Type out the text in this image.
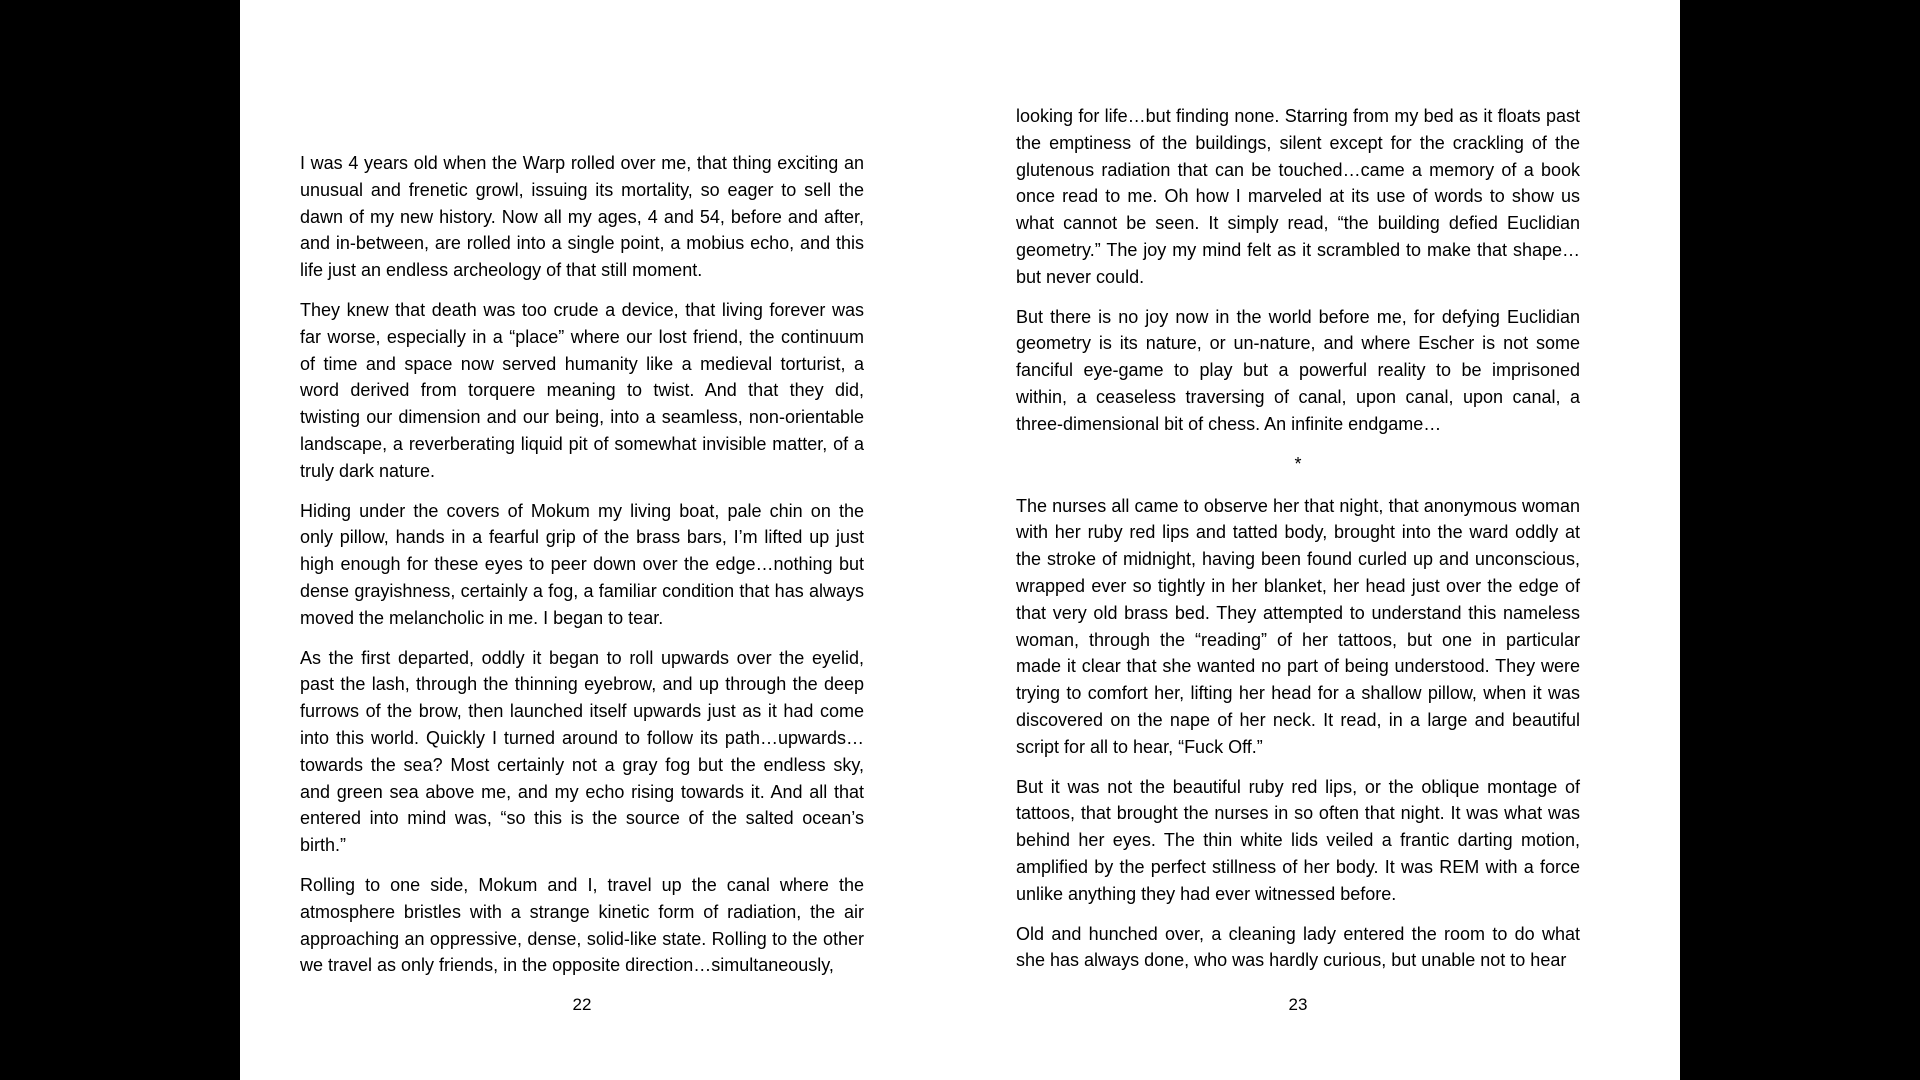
I was 4 years old when the Warp rolled over me, that thing exciting an unusual and frenetic growl, issuing its mortality, so eager to sell the dawn of my new history. Now all my ages, 4 and 54, before and after, and in-between, are rolled into a single point, a mobius echo, and this life just an endless archeology of that still moment.

They knew that death was too crude a device, that living forever was far worse, especially in a “place” where our lost friend, the continuum of time and space now served humanity like a medieval torturist, a word derived from torquere meaning to twist. And that they did, twisting our dimension and our being, into a seamless, non-orientable landscape, a reverberating liquid pit of somewhat invisible matter, of a truly dark nature.

Hiding under the covers of Mokum my living boat, pale chin on the only pillow, hands in a fearful grip of the brass bars, I’m lifted up just high enough for these eyes to peer down over the edge…nothing but dense grayishness, certainly a fog, a familiar condition that has always moved the melancholic in me. I began to tear.

As the first departed, oddly it began to roll upwards over the eyelid, past the lash, through the thinning eyebrow, and up through the deep furrows of the brow, then launched itself upwards just as it had come into this world. Quickly I turned around to follow its path…upwards…towards the sea? Most certainly not a gray fog but the endless sky, and green sea above me, and my echo rising towards it. And all that entered into mind was, “so this is the source of the salted ocean’s birth.”

Rolling to one side, Mokum and I, travel up the canal where the atmosphere bristles with a strange kinetic form of radiation, the air approaching an oppressive, dense, solid-like state. Rolling to the other we travel as only friends, in the opposite direction…simultaneously,

22

looking for life…but finding none. Starring from my bed as it floats past the emptiness of the buildings, silent except for the crackling of the glutenous radiation that can be touched…came a memory of a book once read to me. Oh how I marveled at its use of words to show us what cannot be seen. It simply read, “the building defied Euclidian geometry.” The joy my mind felt as it scrambled to make that shape…but never could.

But there is no joy now in the world before me, for defying Euclidian geometry is its nature, or un-nature, and where Escher is not some fanciful eye-game to play but a powerful reality to be imprisoned within, a ceaseless traversing of canal, upon canal, upon canal, a three-dimensional bit of chess. An infinite endgame…

*

The nurses all came to observe her that night, that anonymous woman with her ruby red lips and tatted body, brought into the ward oddly at the stroke of midnight, having been found curled up and unconscious, wrapped ever so tightly in her blanket, her head just over the edge of that very old brass bed. They attempted to understand this nameless woman, through the “reading” of her tattoos, but one in particular made it clear that she wanted no part of being understood. They were trying to comfort her, lifting her head for a shallow pillow, when it was discovered on the nape of her neck. It read, in a large and beautiful script for all to hear, “Fuck Off.”

But it was not the beautiful ruby red lips, or the oblique montage of tattoos, that brought the nurses in so often that night. It was what was behind her eyes. The thin white lids veiled a frantic darting motion, amplified by the perfect stillness of her body. It was REM with a force unlike anything they had ever witnessed before.

Old and hunched over, a cleaning lady entered the room to do what she has always done, who was hardly curious, but unable not to hear

23
